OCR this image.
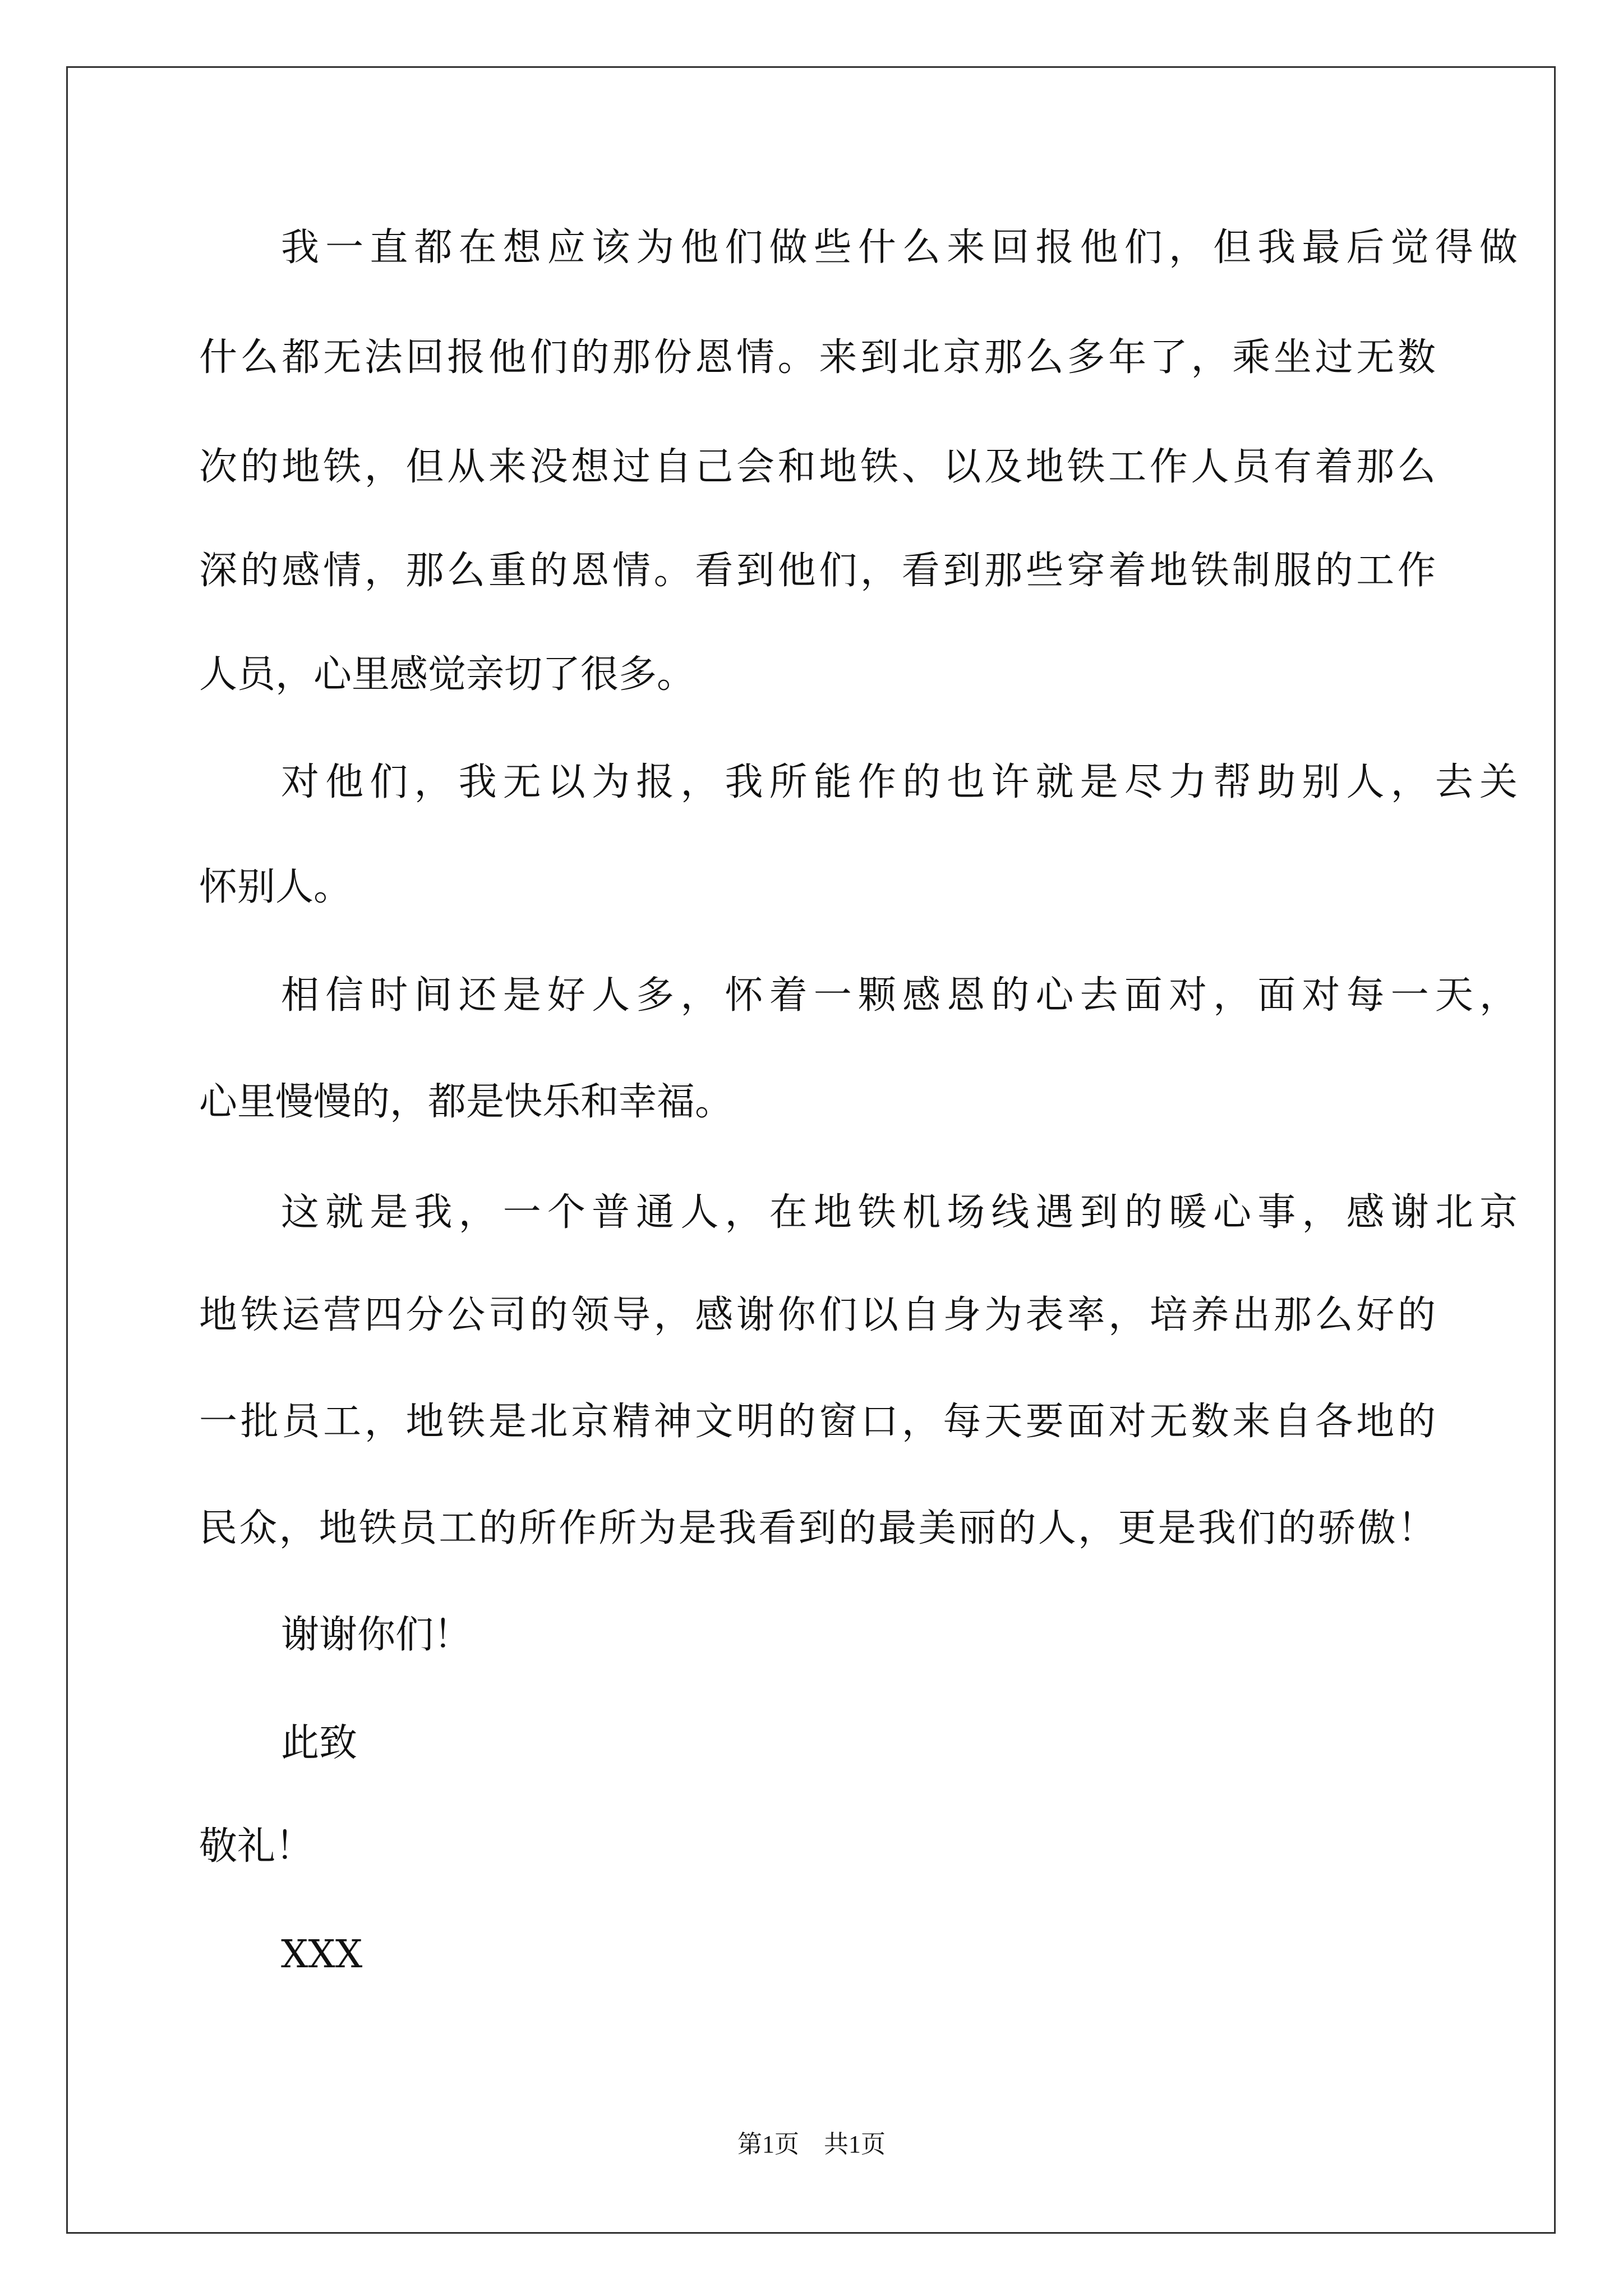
我一直都在想应该为他们做些什么来回报他们，但我最后觉得做
什么都无法回报他们的那份恩情。来到北京那么多年了，乘坐过无数
次的地铁，但从来没想过自己会和地铁、以及地铁工作人员有着那么
深的感情，那么重的恩情。看到他们，看到那些穿着地铁制服的工作
人员，心里感觉亲切了很多。
对他们，我无以为报，我所能作的也许就是尽力帮助别人，去关
怀别人。
相信时间还是好人多，怀着一颗感恩的心去面对，面对每一天，
心里慢慢的，都是快乐和幸福。
这就是我，一个普通人，在地铁机场线遇到的暖心事，感谢北京
地铁运营四分公司的领导，感谢你们以自身为表率，培养出那么好的
一批员工，地铁是北京精神文明的窗口，每天要面对无数来自各地的
民众，地铁员工的所作所为是我看到的最美丽的人，更是我们的骄傲！
谢谢你们！
此致
敬礼！
XXX
第1页　共1页
